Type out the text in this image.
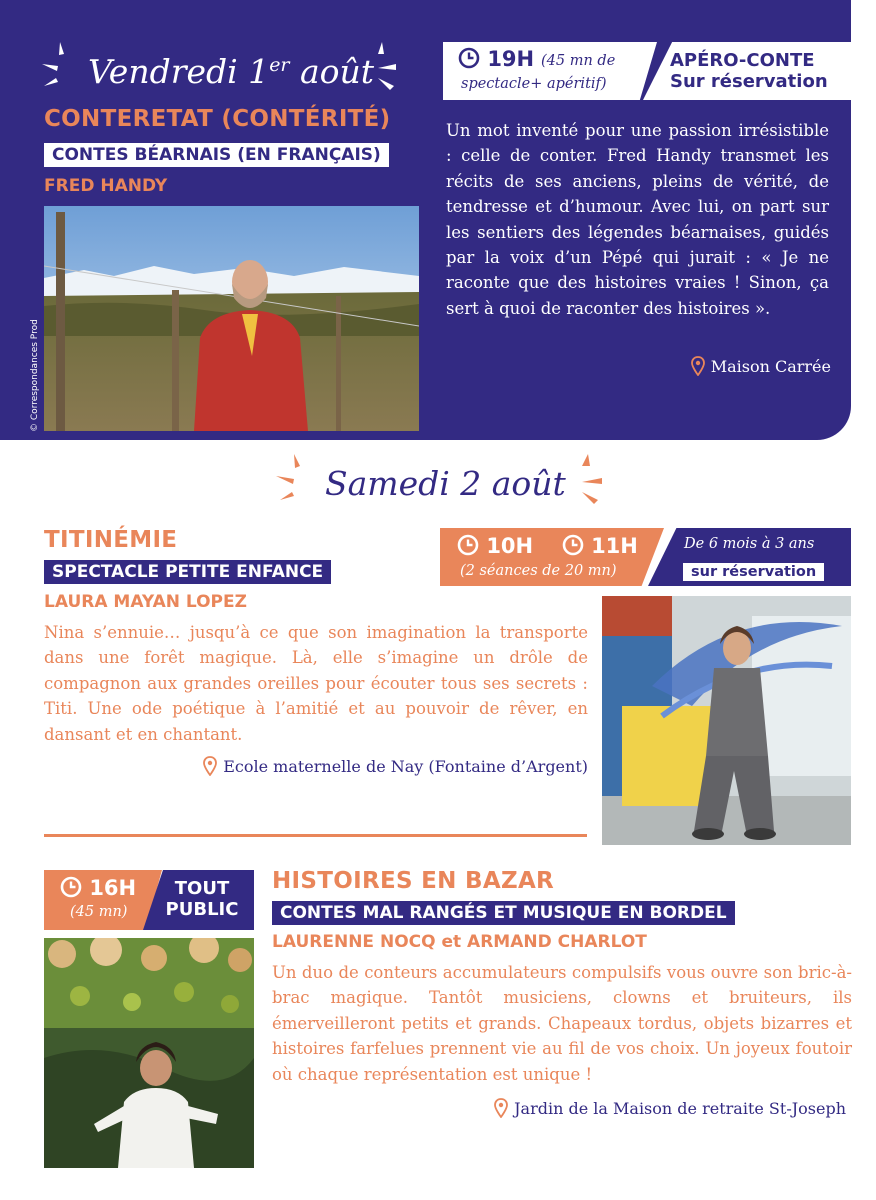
Vendredi 1er août	19H (45 mn de
spectacle+ apéritif)
APÉRO-CONTE
Sur réservation
CONTERETAT (CONTÉRITÉ)
CONTES BÉARNAIS (EN FRANÇAIS)
FRED HANDY
© Correspondances Prod
Un mot inventé pour une passion irrésistible : celle de conter. Fred Handy transmet les récits de ses anciens, pleins de vérité, de tendresse et d’humour. Avec lui, on part sur les sentiers des légendes béarnaises, guidés par la voix d’un Pépé qui jurait : « Je ne raconte que des histoires vraies ! Sinon, ça sert à quoi de raconter des histoires ».
Maison Carrée
Samedi 2 août
TITINÉMIE
SPECTACLE PETITE ENFANCE
LAURA MAYAN LOPEZ
10H	11H
(2 séances de 20 mn)
De 6 mois à 3 ans
sur réservation
Nina s’ennuie… jusqu’à ce que son imagination la transporte dans une forêt magique. Là, elle s’imagine un drôle de compagnon aux grandes oreilles pour écouter tous ses secrets : Titi. Une ode poétique à l’amitié et au pouvoir de rêver, en dansant et en chantant.
Ecole maternelle de Nay (Fontaine d’Argent)
16H
(45 mn)
TOUT
PUBLIC
HISTOIRES EN BAZAR
CONTES MAL RANGÉS ET MUSIQUE EN BORDEL
LAURENNE NOCQ et ARMAND CHARLOT
Un duo de conteurs accumulateurs compulsifs vous ouvre son bric-à-brac magique. Tantôt musiciens, clowns et bruiteurs, ils émerveilleront petits et grands. Chapeaux tordus, objets bizarres et histoires farfelues prennent vie au fil de vos choix. Un joyeux foutoir où chaque représentation est unique !
Jardin de la Maison de retraite St-Joseph
